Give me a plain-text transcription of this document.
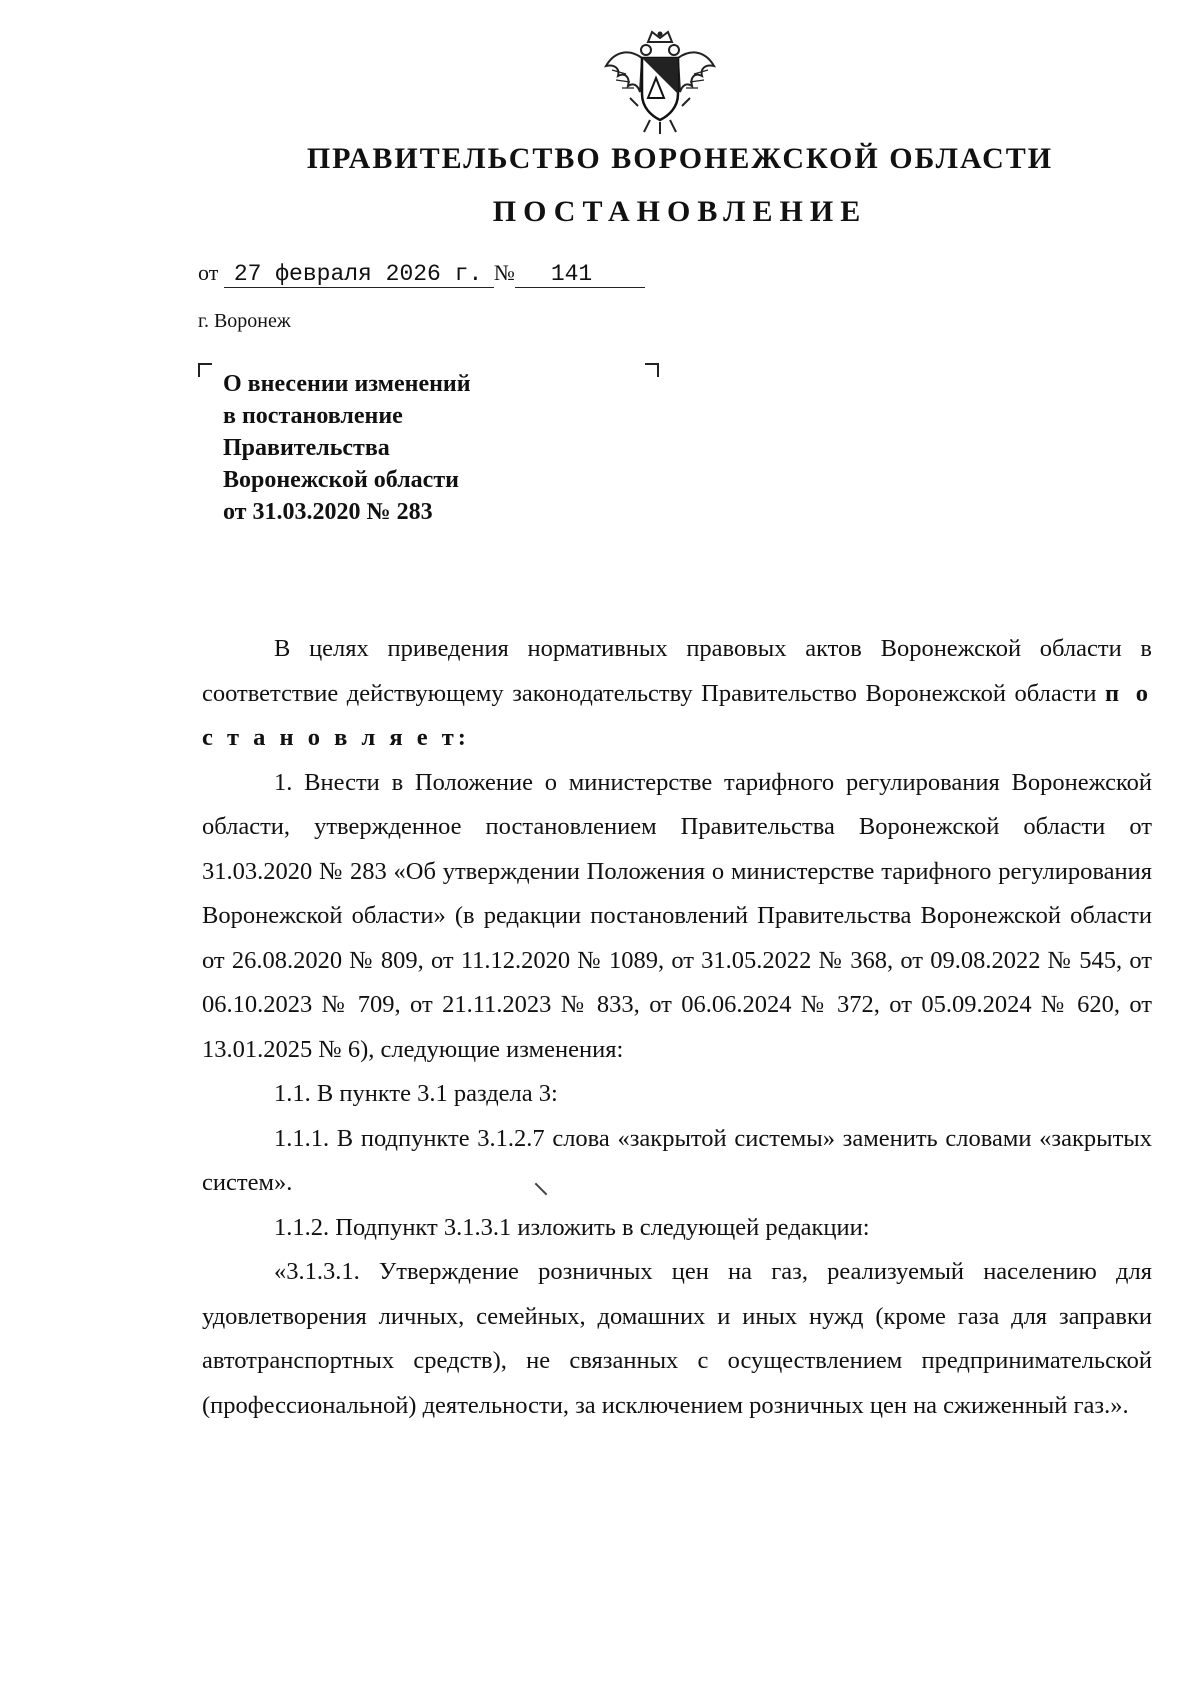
ПРАВИТЕЛЬСТВО ВОРОНЕЖСКОЙ ОБЛАСТИ
ПОСТАНОВЛЕНИЕ
от 27 февраля 2026 г. № 141
г. Воронеж
О внесении изменений
в постановление
Правительства
Воронежской области
от 31.03.2020 № 283

В целях приведения нормативных правовых актов Воронежской области в соответствие действующему законодательству Правительство Воронежской области п о с т а н о в л я е т:

1. Внести в Положение о министерстве тарифного регулирования Воронежской области, утвержденное постановлением Правительства Воронежской области от 31.03.2020 № 283 «Об утверждении Положения о министерстве тарифного регулирования Воронежской области» (в редакции постановлений Правительства Воронежской области от 26.08.2020 № 809, от 11.12.2020 № 1089, от 31.05.2022 № 368, от 09.08.2022 № 545, от 06.10.2023 № 709, от 21.11.2023 № 833, от 06.06.2024 № 372, от 05.09.2024 № 620, от 13.01.2025 № 6), следующие изменения:

1.1. В пункте 3.1 раздела 3:

1.1.1. В подпункте 3.1.2.7 слова «закрытой системы» заменить словами «закрытых систем».

1.1.2. Подпункт 3.1.3.1 изложить в следующей редакции:

«3.1.3.1. Утверждение розничных цен на газ, реализуемый населению для удовлетворения личных, семейных, домашних и иных нужд (кроме газа для заправки автотранспортных средств), не связанных с осуществлением предпринимательской (профессиональной) деятельности, за исключением розничных цен на сжиженный газ.».
